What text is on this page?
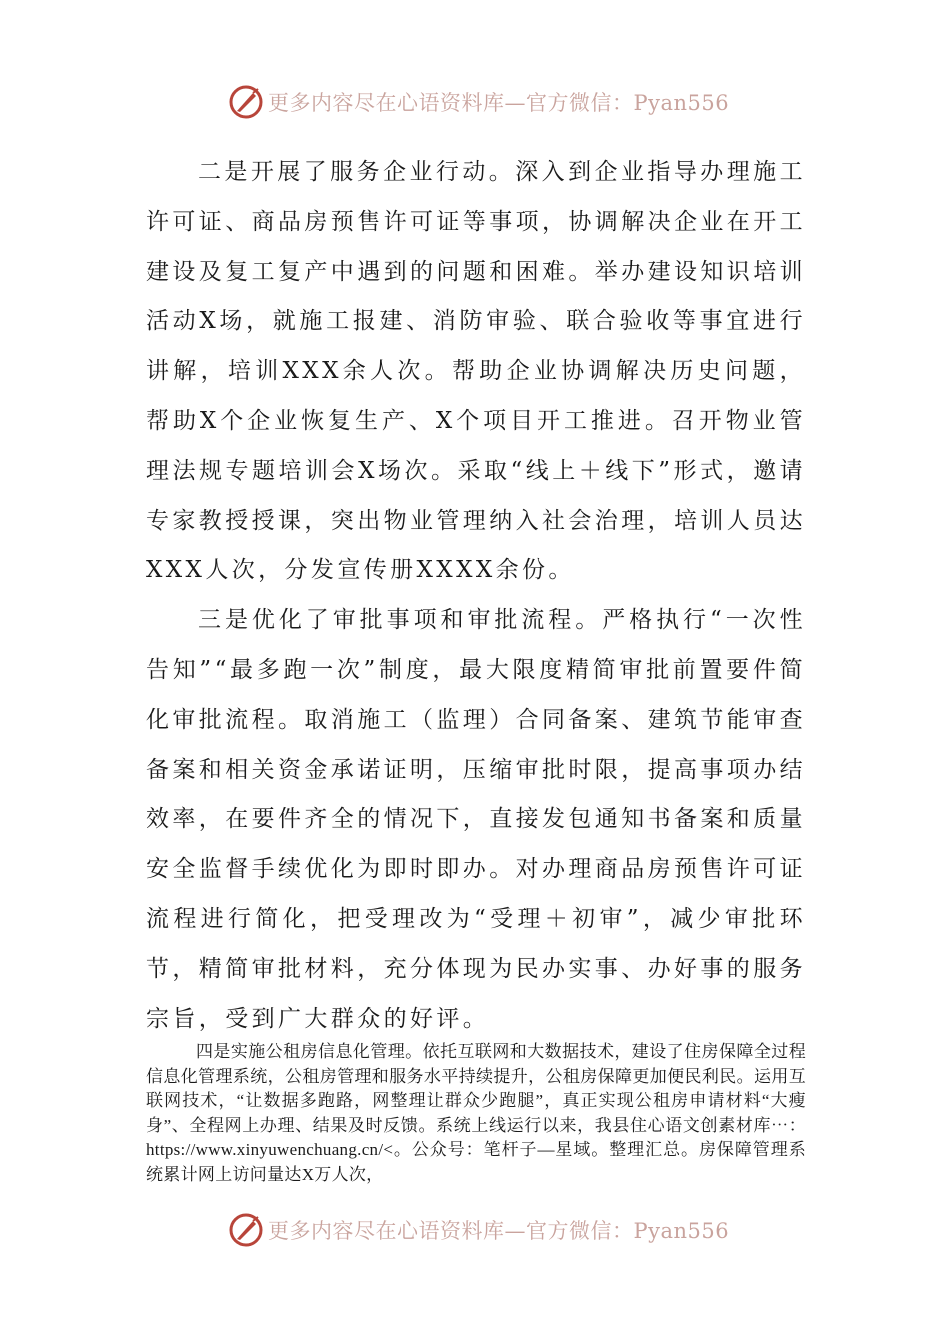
更多内容尽在心语资料库—官方微信：Pyan556

二是开展了服务企业行动。深入到企业指导办理施工许可证、商品房预售许可证等事项，协调解决企业在开工建设及复工复产中遇到的问题和困难。举办建设知识培训活动X场，就施工报建、消防审验、联合验收等事宜进行讲解，培训XXX余人次。帮助企业协调解决历史问题，帮助X个企业恢复生产、X个项目开工推进。召开物业管理法规专题培训会X场次。采取“线上＋线下”形式，邀请专家教授授课，突出物业管理纳入社会治理，培训人员达XXX人次，分发宣传册XXXX余份。

三是优化了审批事项和审批流程。严格执行“一次性告知”“最多跑一次”制度，最大限度精简审批前置要件简化审批流程。取消施工（监理）合同备案、建筑节能审查备案和相关资金承诺证明，压缩审批时限，提高事项办结效率，在要件齐全的情况下，直接发包通知书备案和质量安全监督手续优化为即时即办。对办理商品房预售许可证流程进行简化，把受理改为“受理＋初审”，减少审批环节，精简审批材料，充分体现为民办实事、办好事的服务宗旨，受到广大群众的好评。

四是实施公租房信息化管理。依托互联网和大数据技术，建设了住房保障全过程信息化管理系统，公租房管理和服务水平持续提升，公租房保障更加便民利民。运用互联网技术，“让数据多跑路，网整理让群众少跑腿”，真正实现公租房申请材料“大瘦身”、全程网上办理、结果及时反馈。系统上线运行以来，我县住心语文创素材库⋯：https://www.xinyuwenchuang.cn/<。公众号：笔杆子—星域。整理汇总。房保障管理系统累计网上访问量达X万人次，

更多内容尽在心语资料库—官方微信：Pyan556
